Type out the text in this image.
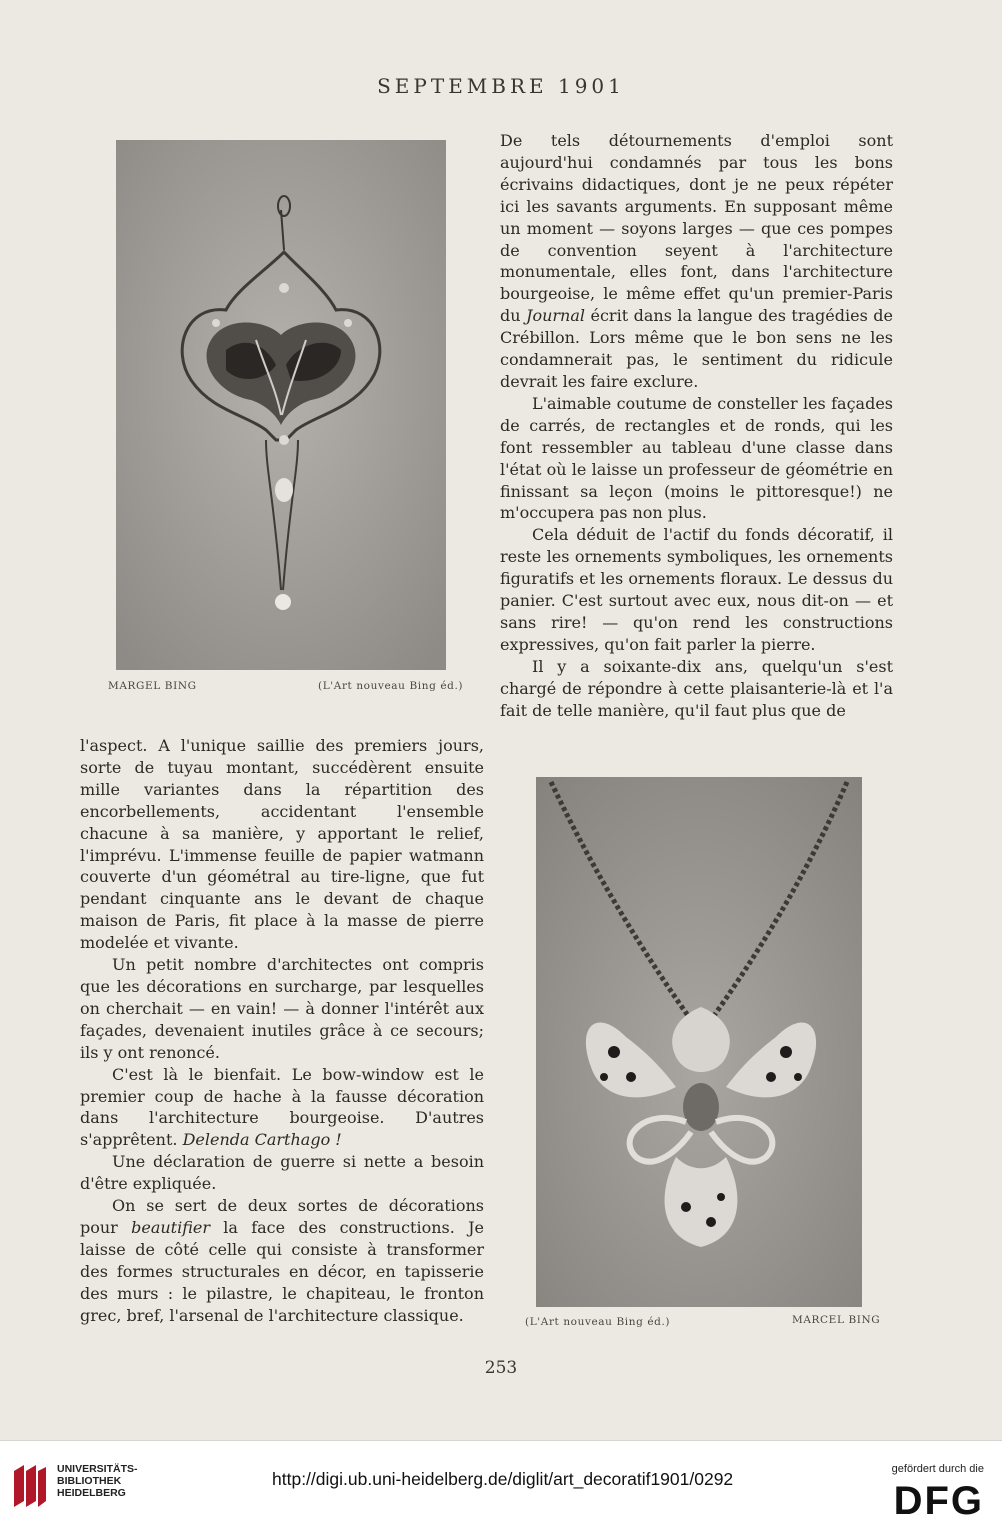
SEPTEMBRE 1901
MARGEL BING	(L'Art nouveau Bing éd.)

De tels détournements d'emploi sont aujourd'hui condamnés par tous les bons écrivains didactiques, dont je ne peux répéter ici les savants arguments. En supposant même un moment — soyons larges — que ces pompes de convention seyent à l'architecture monumentale, elles font, dans l'architecture bourgeoise, le même effet qu'un premier-Paris du Journal écrit dans la langue des tragédies de Crébillon. Lors même que le bon sens ne les condamnerait pas, le sentiment du ridicule devrait les faire exclure.

L'aimable coutume de consteller les façades de carrés, de rectangles et de ronds, qui les font ressembler au tableau d'une classe dans l'état où le laisse un professeur de géométrie en finissant sa leçon (moins le pittoresque!) ne m'occupera pas non plus.

Cela déduit de l'actif du fonds décoratif, il reste les ornements symboliques, les ornements figuratifs et les ornements floraux. Le dessus du panier. C'est surtout avec eux, nous dit-on — et sans rire! — qu'on rend les constructions expressives, qu'on fait parler la pierre.

Il y a soixante-dix ans, quelqu'un s'est chargé de répondre à cette plaisanterie-là et l'a fait de telle manière, qu'il faut plus que de

l'aspect. A l'unique saillie des premiers jours, sorte de tuyau montant, succédèrent ensuite mille variantes dans la répartition des encorbellements, accidentant l'ensemble chacune à sa manière, y apportant le relief, l'imprévu. L'immense feuille de papier watmann couverte d'un géométral au tire-ligne, que fut pendant cinquante ans le devant de chaque maison de Paris, fit place à la masse de pierre modelée et vivante.

Un petit nombre d'architectes ont compris que les décorations en surcharge, par lesquelles on cherchait — en vain! — à donner l'intérêt aux façades, devenaient inutiles grâce à ce secours; ils y ont renoncé.

C'est là le bienfait. Le bow-window est le premier coup de hache à la fausse décoration dans l'architecture bourgeoise. D'autres s'apprêtent. Delenda Carthago !

Une déclaration de guerre si nette a besoin d'être expliquée.

On se sert de deux sortes de décorations pour beautifier la face des constructions. Je laisse de côté celle qui consiste à transformer des formes structurales en décor, en tapisserie des murs : le pilastre, le chapiteau, le fronton grec, bref, l'arsenal de l'architecture classique.	(L'Art nouveau Bing éd.)	MARCEL BING
253
UNIVERSITÄTS-
BIBLIOTHEK
HEIDELBERG
http://digi.ub.uni-heidelberg.de/diglit/art_decoratif1901/0292	gefördert durch die
DFG
